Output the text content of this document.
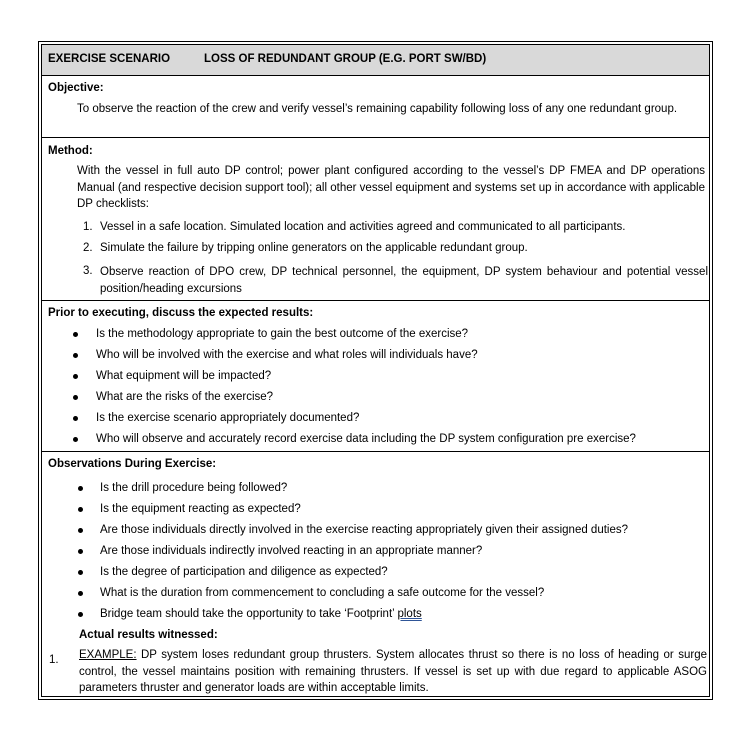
EXERCISE SCENARIO	LOSS OF REDUNDANT GROUP (E.G. PORT SW/BD)
Objective:
To observe the reaction of the crew and verify vessel’s remaining capability following loss of any one redundant group.
Method:
With the vessel in full auto DP control; power plant configured according to the vessel’s DP FMEA and DP operations Manual (and respective decision support tool); all other vessel equipment and systems set up in accordance with applicable DP checklists:
1. Vessel in a safe location. Simulated location and activities agreed and communicated to all participants.
2. Simulate the failure by tripping online generators on the applicable redundant group.
3. Observe reaction of DPO crew, DP technical personnel, the equipment, DP system behaviour and potential vessel position/heading excursions
Prior to executing, discuss the expected results:
Is the methodology appropriate to gain the best outcome of the exercise?
Who will be involved with the exercise and what roles will individuals have?
What equipment will be impacted?
What are the risks of the exercise?
Is the exercise scenario appropriately documented?
Who will observe and accurately record exercise data including the DP system configuration pre exercise?
Observations During Exercise:
Is the drill procedure being followed?
Is the equipment reacting as expected?
Are those individuals directly involved in the exercise reacting appropriately given their assigned duties?
Are those individuals indirectly involved reacting in an appropriate manner?
Is the degree of participation and diligence as expected?
What is the duration from commencement to concluding a safe outcome for the vessel?
Bridge team should take the opportunity to take ‘Footprint’ plots
Actual results witnessed:
1. EXAMPLE: DP system loses redundant group thrusters. System allocates thrust so there is no loss of heading or surge control, the vessel maintains position with remaining thrusters. If vessel is set up with due regard to applicable ASOG parameters thruster and generator loads are within acceptable limits.
